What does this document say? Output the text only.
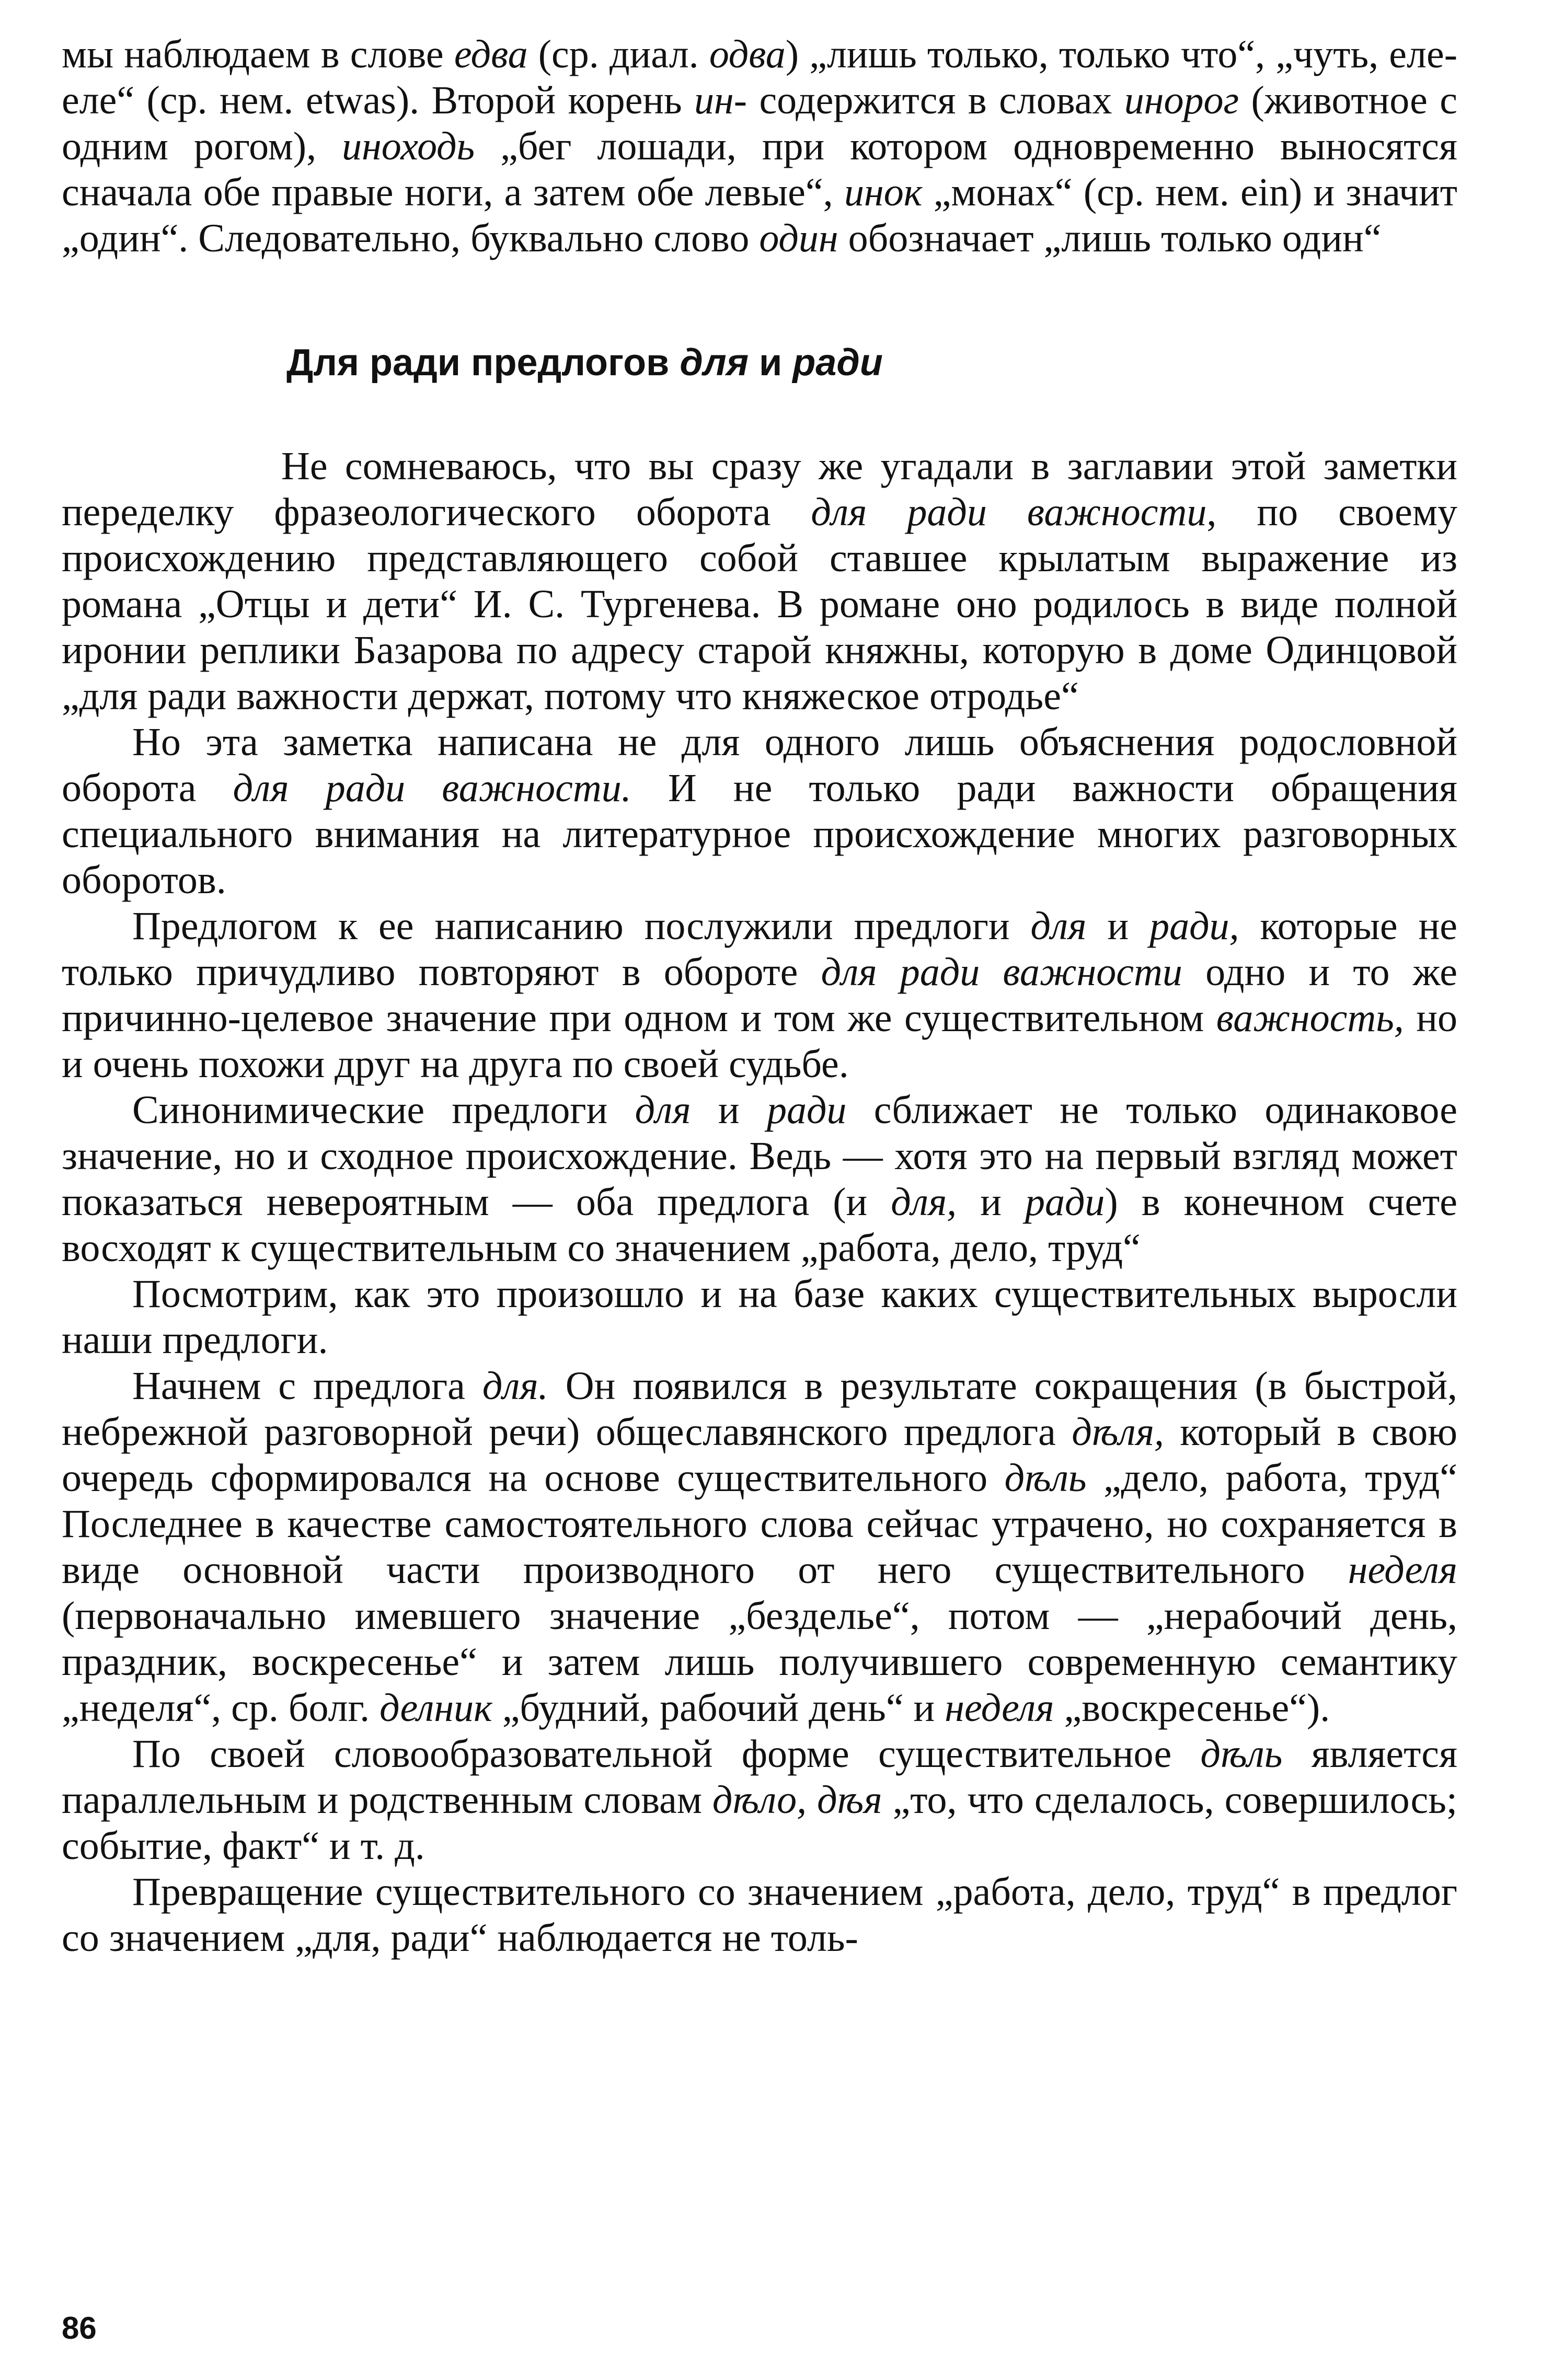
мы наблюдаем в слове едва (ср. диал. одва) „лишь только, только что“, „чуть, еле-еле“ (ср. нем. etwas). Второй корень ин- содержится в словах инорог (животное с одним рогом), иноходь „бег лошади, при котором одновременно выносятся сначала обе правые ноги, а затем обе левые“, инок „монах“ (ср. нем. ein) и значит „один“. Следовательно, буквально слово один обозначает „лишь только один“

Для ради предлогов для и ради

Не сомневаюсь, что вы сразу же угадали в заглавии этой заметки переделку фразеологического оборота для ради важности, по своему происхождению представляющего собой ставшее крылатым выражение из романа „Отцы и дети“ И. С. Тургенева. В романе оно родилось в виде полной иронии реплики Базарова по адресу старой княжны, которую в доме Одинцовой „для ради важности держат, потому что княжеское отродье“

Но эта заметка написана не для одного лишь объяснения родословной оборота для ради важности. И не только ради важности обращения специального внимания на литературное происхождение многих разговорных оборотов.

Предлогом к ее написанию послужили предлоги для и ради, которые не только причудливо повторяют в обороте для ради важности одно и то же причинно-целевое значение при одном и том же существительном важность, но и очень похожи друг на друга по своей судьбе.

Синонимические предлоги для и ради сближает не только одинаковое значение, но и сходное происхождение. Ведь — хотя это на первый взгляд может показаться невероятным — оба предлога (и для, и ради) в конечном счете восходят к существительным со значением „работа, дело, труд“

Посмотрим, как это произошло и на базе каких существительных выросли наши предлоги.

Начнем с предлога для. Он появился в результате сокращения (в быстрой, небрежной разговорной речи) общеславянского предлога дѣля, который в свою очередь сформировался на основе существительного дѣль „дело, работа, труд“ Последнее в качестве самостоятельного слова сейчас утрачено, но сохраняется в виде основной части производного от него существительного неделя (первоначально имевшего значение „безделье“, потом — „нерабочий день, праздник, воскресенье“ и затем лишь получившего современную семантику „неделя“, ср. болг. делник „будний, рабочий день“ и неделя „воскресенье“).

По своей словообразовательной форме существительное дѣль является параллельным и родственным словам дѣло, дѣя „то, что сделалось, совершилось; событие, факт“ и т. д.

Превращение существительного со значением „работа, дело, труд“ в предлог со значением „для, ради“ наблюдается не толь-

86
